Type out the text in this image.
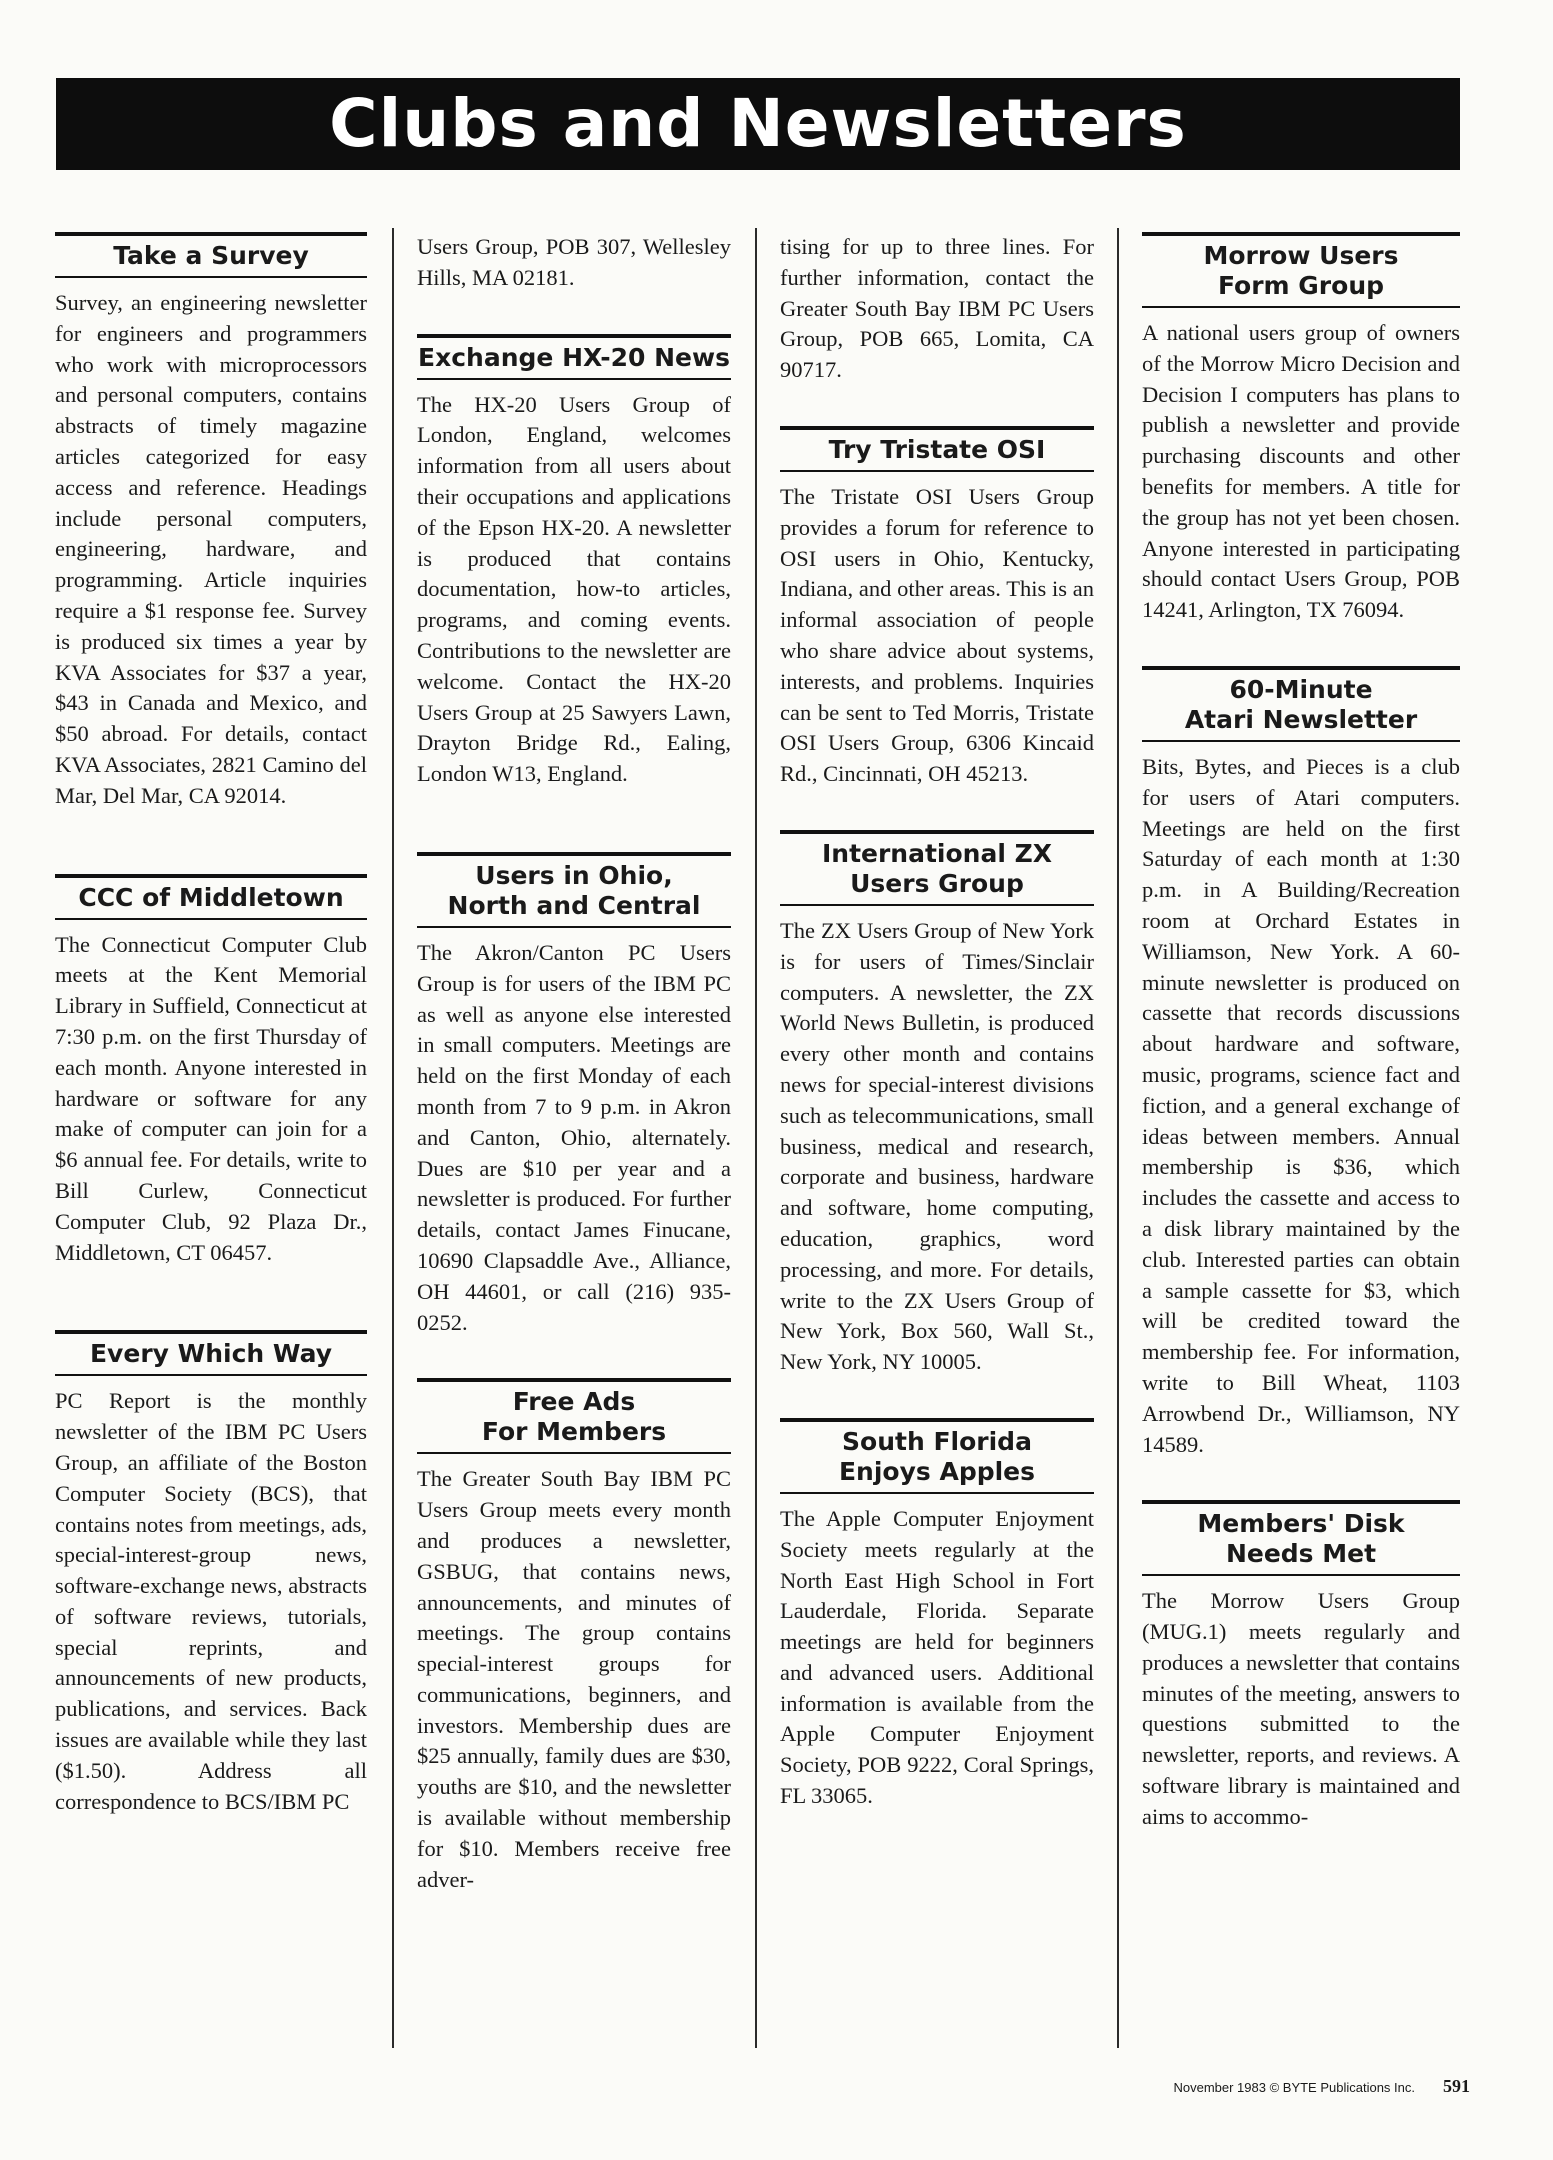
Clubs and Newsletters
Take a Survey

Survey, an engineering newsletter for engineers and programmers who work with microprocessors and personal computers, contains abstracts of timely magazine articles categorized for easy access and reference. Headings include personal computers, engineering, hardware, and programming. Article inquiries require a $1 response fee. Survey is produced six times a year by KVA Associates for $37 a year, $43 in Canada and Mexico, and $50 abroad. For details, contact KVA Associates, 2821 Camino del Mar, Del Mar, CA 92014.

CCC of Middletown

The Connecticut Computer Club meets at the Kent Memorial Library in Suffield, Connecticut at 7:30 p.m. on the first Thursday of each month. Anyone interested in hardware or software for any make of computer can join for a $6 annual fee. For details, write to Bill Curlew, Connecticut Computer Club, 92 Plaza Dr., Middletown, CT 06457.

Every Which Way

PC Report is the monthly newsletter of the IBM PC Users Group, an affiliate of the Boston Computer Society (BCS), that contains notes from meetings, ads, special-interest-group news, software-exchange news, abstracts of software reviews, tutorials, special reprints, and announcements of new products, publications, and services. Back issues are available while they last ($1.50). Address all correspondence to BCS/IBM PC

Users Group, POB 307, Wellesley Hills, MA 02181.

Exchange HX-20 News

The HX-20 Users Group of London, England, welcomes information from all users about their occupations and applications of the Epson HX-20. A newsletter is produced that contains documentation, how-to articles, programs, and coming events. Contributions to the newsletter are welcome. Contact the HX-20 Users Group at 25 Sawyers Lawn, Drayton Bridge Rd., Ealing, London W13, England.

Users in Ohio,
North and Central

The Akron/Canton PC Users Group is for users of the IBM PC as well as anyone else interested in small computers. Meetings are held on the first Monday of each month from 7 to 9 p.m. in Akron and Canton, Ohio, alternately. Dues are $10 per year and a newsletter is produced. For further details, contact James Finucane, 10690 Clapsaddle Ave., Alliance, OH 44601, or call (216) 935-0252.

Free Ads
For Members

The Greater South Bay IBM PC Users Group meets every month and produces a newsletter, GSBUG, that contains news, announcements, and minutes of meetings. The group contains special-interest groups for communications, beginners, and investors. Membership dues are $25 annually, family dues are $30, youths are $10, and the newsletter is available without membership for $10. Members receive free adver-

tising for up to three lines. For further information, contact the Greater South Bay IBM PC Users Group, POB 665, Lomita, CA 90717.

Try Tristate OSI

The Tristate OSI Users Group provides a forum for reference to OSI users in Ohio, Kentucky, Indiana, and other areas. This is an informal association of people who share advice about systems, interests, and problems. Inquiries can be sent to Ted Morris, Tristate OSI Users Group, 6306 Kincaid Rd., Cincinnati, OH 45213.

International ZX
Users Group

The ZX Users Group of New York is for users of Times/Sinclair computers. A newsletter, the ZX World News Bulletin, is produced every other month and contains news for special-interest divisions such as telecommunications, small business, medical and research, corporate and business, hardware and software, home computing, education, graphics, word processing, and more. For details, write to the ZX Users Group of New York, Box 560, Wall St., New York, NY 10005.

South Florida
Enjoys Apples

The Apple Computer Enjoyment Society meets regularly at the North East High School in Fort Lauderdale, Florida. Separate meetings are held for beginners and advanced users. Additional information is available from the Apple Computer Enjoyment Society, POB 9222, Coral Springs, FL 33065.

Morrow Users
Form Group

A national users group of owners of the Morrow Micro Decision and Decision I computers has plans to publish a newsletter and provide purchasing discounts and other benefits for members. A title for the group has not yet been chosen. Anyone interested in participating should contact Users Group, POB 14241, Arlington, TX 76094.

60-Minute
Atari Newsletter

Bits, Bytes, and Pieces is a club for users of Atari computers. Meetings are held on the first Saturday of each month at 1:30 p.m. in A Building/Recreation room at Orchard Estates in Williamson, New York. A 60-minute newsletter is produced on cassette that records discussions about hardware and software, music, programs, science fact and fiction, and a general exchange of ideas between members. Annual membership is $36, which includes the cassette and access to a disk library maintained by the club. Interested parties can obtain a sample cassette for $3, which will be credited toward the membership fee. For information, write to Bill Wheat, 1103 Arrowbend Dr., Williamson, NY 14589.

Members' Disk
Needs Met

The Morrow Users Group (MUG.1) meets regularly and produces a newsletter that contains minutes of the meeting, answers to questions submitted to the newsletter, reports, and reviews. A software library is maintained and aims to accommo-

November 1983 © BYTE Publications Inc. 591
